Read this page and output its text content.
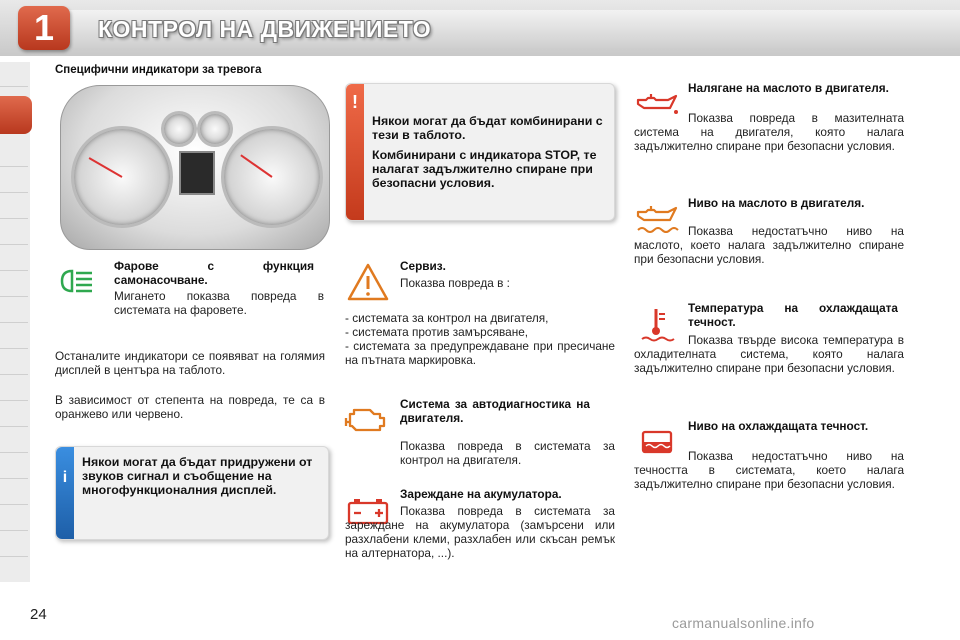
1	КОНТРОЛ НА ДВИЖЕНИЕТО
Специфични индикатори за тревога
Фарове с функция самонасочване.
Мигането показва повреда в системата на фаровете.
Останалите индикатори се появяват на голямия дисплей в центъра на таблото.
В зависимост от степента на повреда, те са в оранжево или червено.
i
Някои могат да бъдат придружени от звуков сигнал и съобщение на многофункционалния дисплей.
!
Някои могат да бъдат комбинирани с тези в таблото.
Комбинирани с индикатора STOP, те налагат задължително спиране при безопасни условия.
Сервиз.
Показва повреда в :
- системата за контрол на двигателя,
- системата против замърсяване,
- системата за предупреждаване при пресичане на пътната маркировка.
Система за автодиагностика на двигателя.
Показва повреда в системата за контрол на двигателя.
Зареждане на акумулатора.
Показва повреда в системата за зареждане на акумулатора (замърсени или разхлабени клеми, разхлабен или скъсан ремък на алтернатора, ...).
Налягане на маслото в двигателя.
Показва повреда в мазителната система на двигателя, която налага задължително спиране при безопасни условия.
Ниво на маслото в двигателя.
Показва недостатъчно ниво на маслото, което налага задължително спиране при безопасни условия.
Температура на охлаждащата течност.
Показва твърде висока температура в охладителната система, която налага задължително спиране при безопасни условия.
Ниво на охлаждащата течност.
Показва недостатъчно ниво на течността в системата, което налага задължително спиране при безопасни условия.
24	carmanualsonline.info
